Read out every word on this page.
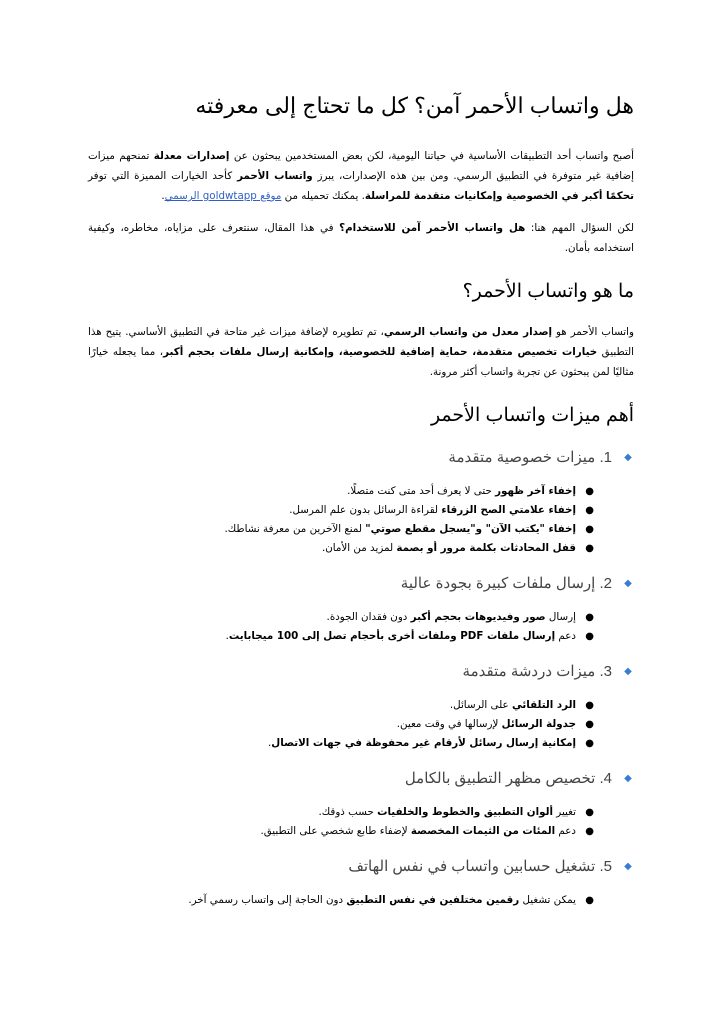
هل واتساب الأحمر آمن؟ كل ما تحتاج إلى معرفته

أصبح واتساب أحد التطبيقات الأساسية في حياتنا اليومية، لكن بعض المستخدمين يبحثون عن إصدارات معدلة تمنحهم ميزات إضافية غير متوفرة في التطبيق الرسمي. ومن بين هذه الإصدارات، يبرز واتساب الأحمر كأحد الخيارات المميزة التي توفر تحكمًا أكبر في الخصوصية وإمكانيات متقدمة للمراسلة. يمكنك تحميله من موقع goldwtapp الرسمي.

لكن السؤال المهم هنا: هل واتساب الأحمر آمن للاستخدام؟ في هذا المقال، سنتعرف على مزاياه، مخاطره، وكيفية استخدامه بأمان.

ما هو واتساب الأحمر؟

واتساب الأحمر هو إصدار معدل من واتساب الرسمي، تم تطويره لإضافة ميزات غير متاحة في التطبيق الأساسي. يتيح هذا التطبيق خيارات تخصيص متقدمة، حماية إضافية للخصوصية، وإمكانية إرسال ملفات بحجم أكبر، مما يجعله خيارًا مثاليًا لمن يبحثون عن تجربة واتساب أكثر مرونة.

أهم ميزات واتساب الأحمر
◆
1. ميزات خصوصية متقدمة
●
إخفاء آخر ظهور حتى لا يعرف أحد متى كنت متصلًا.
●
إخفاء علامتي الصح الزرقاء لقراءة الرسائل بدون علم المرسل.
●
إخفاء "يكتب الآن" و"يسجل مقطع صوتي" لمنع الآخرين من معرفة نشاطك.
●
قفل المحادثات بكلمة مرور أو بصمة لمزيد من الأمان.
◆
2. إرسال ملفات كبيرة بجودة عالية
●
إرسال صور وفيديوهات بحجم أكبر دون فقدان الجودة.
●
دعم إرسال ملفات PDF وملفات أخرى بأحجام تصل إلى 100 ميجابايت.
◆
3. ميزات دردشة متقدمة
●
الرد التلقائي على الرسائل.
●
جدولة الرسائل لإرسالها في وقت معين.
●
إمكانية إرسال رسائل لأرقام غير محفوظة في جهات الاتصال.
◆
4. تخصيص مظهر التطبيق بالكامل
●
تغيير ألوان التطبيق والخطوط والخلفيات حسب ذوقك.
●
دعم المئات من الثيمات المخصصة لإضفاء طابع شخصي على التطبيق.
◆
5. تشغيل حسابين واتساب في نفس الهاتف
●
يمكن تشغيل رقمين مختلفين في نفس التطبيق دون الحاجة إلى واتساب رسمي آخر.
